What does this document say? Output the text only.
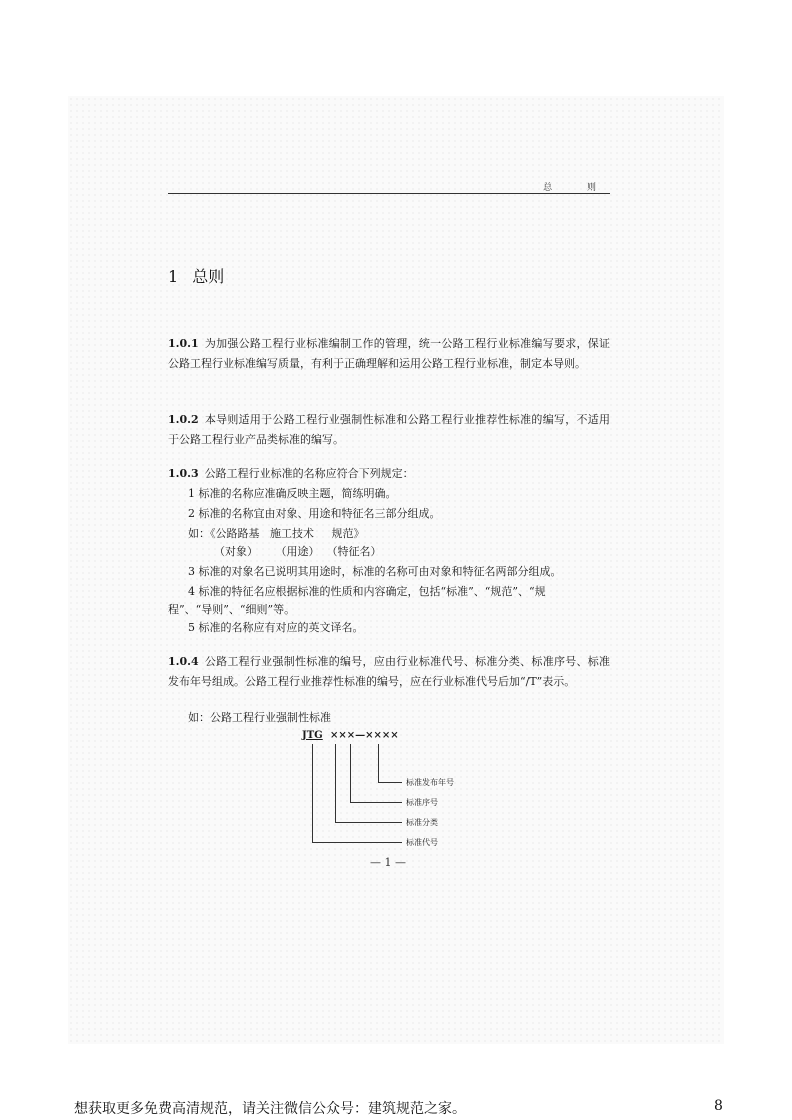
总 则
1 总则
1.0.1 为加强公路工程行业标准编制工作的管理，统一公路工程行业标准编写要求，保证公路工程行业标准编写质量，有利于正确理解和运用公路工程行业标准，制定本导则。
1.0.2 本导则适用于公路工程行业强制性标准和公路工程行业推荐性标准的编写，不适用于公路工程行业产品类标准的编写。
1.0.3 公路工程行业标准的名称应符合下列规定：
1 标准的名称应准确反映主题，简练明确。
2 标准的名称宜由对象、用途和特征名三部分组成。
如：《公路路基   施工技术     规范》
（对象）     （用途）  （特征名）
3 标准的对象名已说明其用途时，标准的名称可由对象和特征名两部分组成。
4 标准的特征名应根据标准的性质和内容确定，包括“标准”、“规范”、“规
程”、“导则”、“细则”等。
5 标准的名称应有对应的英文译名。
1.0.4 公路工程行业强制性标准的编号，应由行业标准代号、标准分类、标准序号、标准发布年号组成。公路工程行业推荐性标准的编号，应在行业标准代号后加“/T”表示。
如：公路工程行业强制性标准
JTG ×××—××××
标准发布年号
标准序号
标准分类
标准代号
— 1 —
想获取更多免费高清规范，请关注微信公众号：建筑规范之家。	8
